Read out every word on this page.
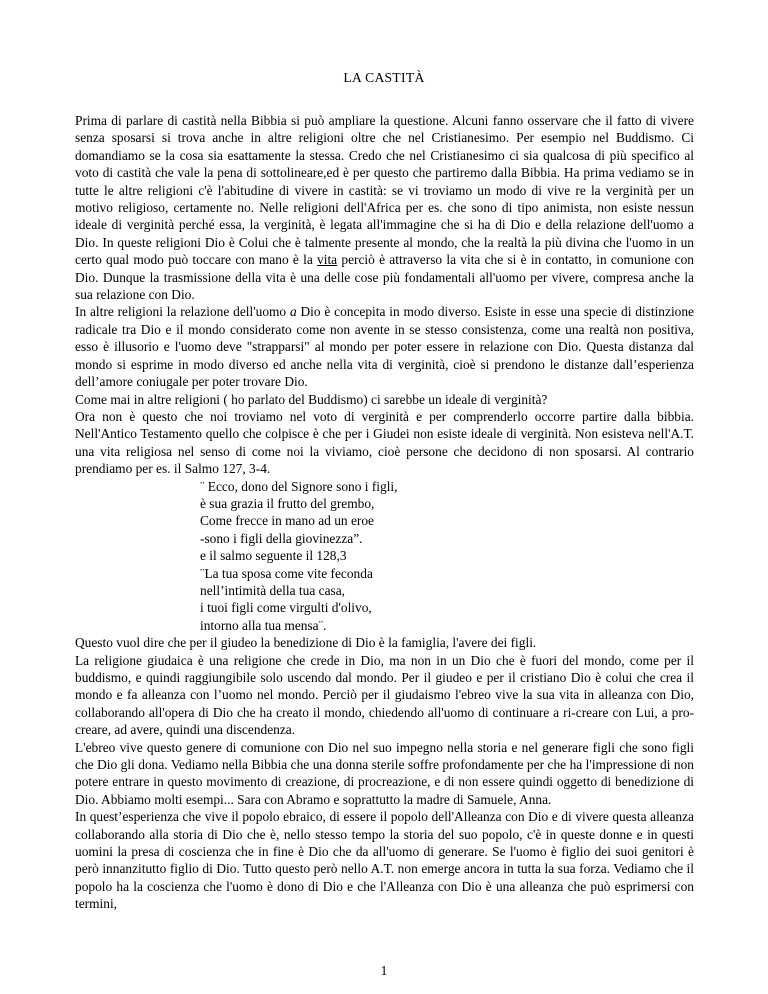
LA CASTITÀ

Prima di parlare di castità nella Bibbia si può ampliare la questione. Alcuni fanno osservare che il fatto di vivere senza sposarsi si trova anche in altre religioni oltre che nel Cristianesimo. Per esempio nel Buddismo. Ci domandiamo se la cosa sia esattamente la stessa. Credo che nel Cristianesimo ci sia qualcosa di più specifico al voto di castità che vale la pena di sottolineare,ed è per questo che partiremo dalla Bibbia. Ha prima vediamo se in tutte le altre religioni c'è l'abitudine di vivere in castità: se vi troviamo un modo di vive re la verginità per un motivo religioso, certamente no. Nelle religioni dell'Africa per es. che sono di tipo animista, non esiste nessun ideale di verginità perché essa, la verginità, è legata all'immagine che si ha di Dio e della relazione dell'uomo a Dio. In queste religioni Dio è Colui che è talmente presente al mondo, che la realtà la più divina che l'uomo in un certo qual modo può toccare con mano è la vita perciò è attraverso la vita che si è in contatto, in comunione con Dio. Dunque la trasmissione della vita è una delle cose più fondamentali all'uomo per vivere, compresa anche la sua relazione con Dio.

In altre religioni la relazione dell'uomo a Dio è concepita in modo diverso. Esiste in esse una specie di distinzione radicale tra Dio e il mondo considerato come non avente in se stesso consistenza, come una realtà non positiva, esso è illusorio e l'uomo deve "strapparsi" al mondo per poter essere in relazione con Dio. Questa distanza dal mondo si esprime in modo diverso ed anche nella vita di verginità, cioè si prendono le distanze dall’esperienza dell’amore coniugale per poter trovare Dio.

Come mai in altre religioni ( ho parlato del Buddismo) ci sarebbe un ideale di verginità?

Ora non è questo che noi troviamo nel voto di verginità e per comprenderlo occorre partire dalla bibbia. Nell'Antico Testamento quello che colpisce è che per i Giudei non esiste ideale di verginità. Non esisteva nell'A.T. una vita religiosa nel senso di come noi la viviamo, cioè persone che decidono di non sposarsi. Al contrario prendiamo per es. il Salmo 127, 3-4.

¨ Ecco, dono del Signore sono i figli,

è sua grazia il frutto del grembo,

Come frecce in mano ad un eroe

-sono i figli della giovinezza”.

e il salmo seguente il 128,3

¨La tua sposa come vite feconda

nell’intimità della tua casa,

i tuoi figli come virgulti d'olivo,

intorno alla tua mensa¨.

Questo vuol dire che per il giudeo la benedizione di Dio è la famiglia, l'avere dei figli.

La religione giudaica è una religione che crede in Dio, ma non in un Dio che è fuori del mondo, come per il buddismo, e quindi raggiungibile solo uscendo dal mondo. Per il giudeo e per il cristiano Dio è colui che crea il mondo e fa alleanza con l’uomo nel mondo. Perciò per il giudaismo l'ebreo vive la sua vita in alleanza con Dio, collaborando all'opera di Dio che ha creato il mondo, chiedendo all'uomo di continuare a ri-creare con Lui, a pro-creare, ad avere, quindi una discendenza.

L'ebreo vive questo genere di comunione con Dio nel suo impegno nella storia e nel generare figli che sono figli che Dio gli dona. Vediamo nella Bibbia che una donna sterile soffre profondamente per che ha l'impressione di non potere entrare in questo movimento di creazione, di procreazione, e di non essere quindi oggetto di benedizione di Dio. Abbiamo molti esempi... Sara con Abramo e soprattutto la madre di Samuele, Anna.

In quest’esperienza che vive il popolo ebraico, di essere il popolo dell'Alleanza con Dio e di vivere questa alleanza collaborando alla storia di Dio che è, nello stesso tempo la storia del suo popolo, c'è in queste donne e in questi uomini la presa di coscienza che in fine è Dio che da all'uomo di generare. Se l'uomo è figlio dei suoi genitori è però innanzitutto figlio di Dio. Tutto questo però nello A.T. non emerge ancora in tutta la sua forza. Vediamo che il popolo ha la coscienza che l'uomo è dono di Dio e che l'Alleanza con Dio è una alleanza che può esprimersi con termini,

1
